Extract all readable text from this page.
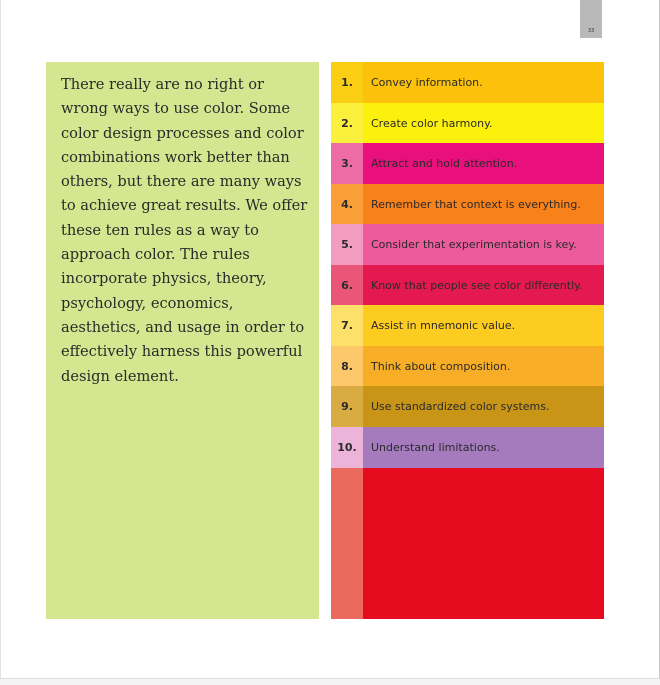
33

There really are no right or wrong ways to use color. Some color design processes and color combinations work better than others, but there are many ways to achieve great results. We offer these ten rules as a way to approach color. The rules incorporate physics, theory, psychology, economics, aesthetics, and usage in order to effectively harness this powerful design element.

1.	Convey information.
2.	Create color harmony.
3.	Attract and hold attention.
4.	Remember that context is everything.
5.	Consider that experimentation is key.
6.	Know that people see color differently.
7.	Assist in mnemonic value.
8.	Think about composition.
9.	Use standardized color systems.
10.	Understand limitations.
